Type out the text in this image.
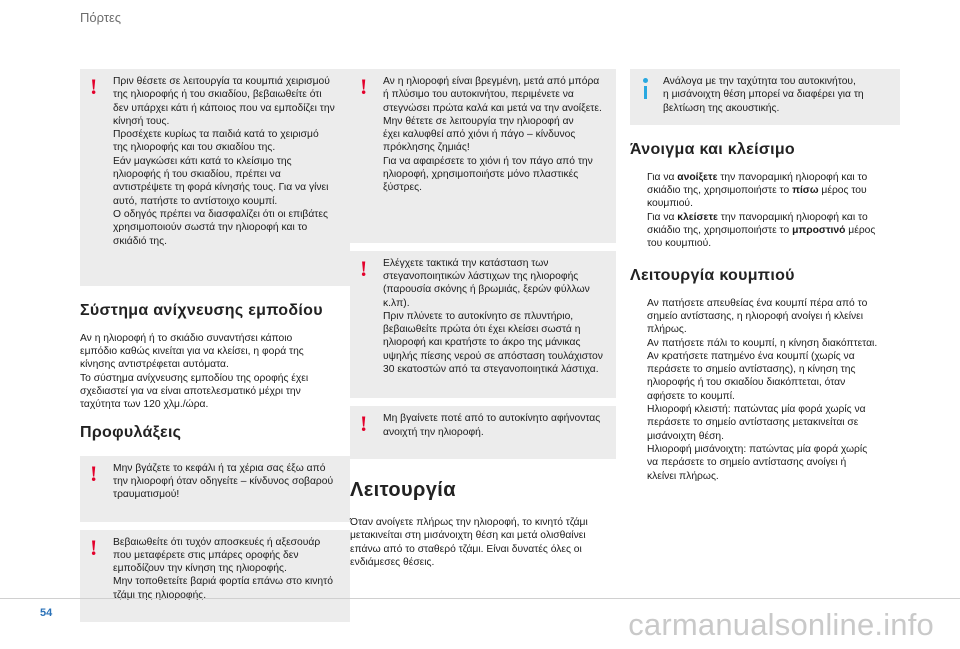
Πόρτες
! Πριν θέσετε σε λειτουργία τα κουμπιά χειρισμού

της ηλιοροφής ή του σκιαδίου, βεβαιωθείτε ότι

δεν υπάρχει κάτι ή κάποιος που να εμποδίζει την

κίνησή τους.

Προσέχετε κυρίως τα παιδιά κατά το χειρισμό

της ηλιοροφής και του σκιαδίου της.

Εάν μαγκώσει κάτι κατά το κλείσιμο της

ηλιοροφής ή του σκιαδίου, πρέπει να

αντιστρέψετε τη φορά κίνησής τους. Για να γίνει

αυτό, πατήστε το αντίστοιχο κουμπί.

Ο οδηγός πρέπει να διασφαλίζει ότι οι επιβάτες

χρησιμοποιούν σωστά την ηλιοροφή και το

σκιάδιό της.

Σύστημα ανίχνευσης εμποδίου

Αν η ηλιοροφή ή το σκιάδιο συναντήσει κάποιο

εμπόδιο καθώς κινείται για να κλείσει, η φορά της

κίνησης αντιστρέφεται αυτόματα.

Το σύστημα ανίχνευσης εμποδίου της οροφής έχει

σχεδιαστεί για να είναι αποτελεσματικό μέχρι την

ταχύτητα των 120 χλμ./ώρα.

Προφυλάξεις
! Μην βγάζετε το κεφάλι ή τα χέρια σας έξω από

την ηλιοροφή όταν οδηγείτε – κίνδυνος σοβαρού

τραυματισμού!

! Βεβαιωθείτε ότι τυχόν αποσκευές ή αξεσουάρ

που μεταφέρετε στις μπάρες οροφής δεν

εμποδίζουν την κίνηση της ηλιοροφής.

Μην τοποθετείτε βαριά φορτία επάνω στο κινητό

τζάμι της ηλιοροφής.

! Αν η ηλιοροφή είναι βρεγμένη, μετά από μπόρα

ή πλύσιμο του αυτοκινήτου, περιμένετε να

στεγνώσει πρώτα καλά και μετά να την ανοίξετε.

Μην θέτετε σε λειτουργία την ηλιοροφή αν

έχει καλυφθεί από χιόνι ή πάγο – κίνδυνος

πρόκλησης ζημιάς!

Για να αφαιρέσετε το χιόνι ή τον πάγο από την

ηλιοροφή, χρησιμοποιήστε μόνο πλαστικές

ξύστρες.

! Ελέγχετε τακτικά την κατάσταση των

στεγανοποιητικών λάστιχων της ηλιοροφής

(παρουσία σκόνης ή βρωμιάς, ξερών φύλλων

κ.λπ).

Πριν πλύνετε το αυτοκίνητο σε πλυντήριο,

βεβαιωθείτε πρώτα ότι έχει κλείσει σωστά η

ηλιοροφή και κρατήστε το άκρο της μάνικας

υψηλής πίεσης νερού σε απόσταση τουλάχιστον

30 εκατοστών από τα στεγανοποιητικά λάστιχα.

! Μη βγαίνετε ποτέ από το αυτοκίνητο αφήνοντας

ανοιχτή την ηλιοροφή.

Λειτουργία

Όταν ανοίγετε πλήρως την ηλιοροφή, το κινητό τζάμι

μετακινείται στη μισάνοιχτη θέση και μετά ολισθαίνει

επάνω από το σταθερό τζάμι. Είναι δυνατές όλες οι

ενδιάμεσες θέσεις.

Ανάλογα με την ταχύτητα του αυτοκινήτου,

η μισάνοιχτη θέση μπορεί να διαφέρει για τη

βελτίωση της ακουστικής.

Άνοιγμα και κλείσιμο
Για να ανοίξετε την πανοραμική ηλιοροφή και το
σκιάδιο της, χρησιμοποιήστε το πίσω μέρος του
κουμπιού.
Για να κλείσετε την πανοραμική ηλιοροφή και το
σκιάδιο της, χρησιμοποιήστε το μπροστινό μέρος
του κουμπιού.
Λειτουργία κουμπιού
Αν πατήσετε απευθείας ένα κουμπί πέρα από το
σημείο αντίστασης, η ηλιοροφή ανοίγει ή κλείνει
πλήρως.
Αν πατήσετε πάλι το κουμπί, η κίνηση διακόπτεται.
Αν κρατήσετε πατημένο ένα κουμπί (χωρίς να
περάσετε το σημείο αντίστασης), η κίνηση της
ηλιοροφής ή του σκιαδίου διακόπτεται, όταν
αφήσετε το κουμπί.
Ηλιοροφή κλειστή: πατώντας μία φορά χωρίς να
περάσετε το σημείο αντίστασης μετακινείται σε
μισάνοιχτη θέση.
Ηλιοροφή μισάνοιχτη: πατώντας μία φορά χωρίς
να περάσετε το σημείο αντίστασης ανοίγει ή
κλείνει πλήρως.
54	carmanualsonline.info
